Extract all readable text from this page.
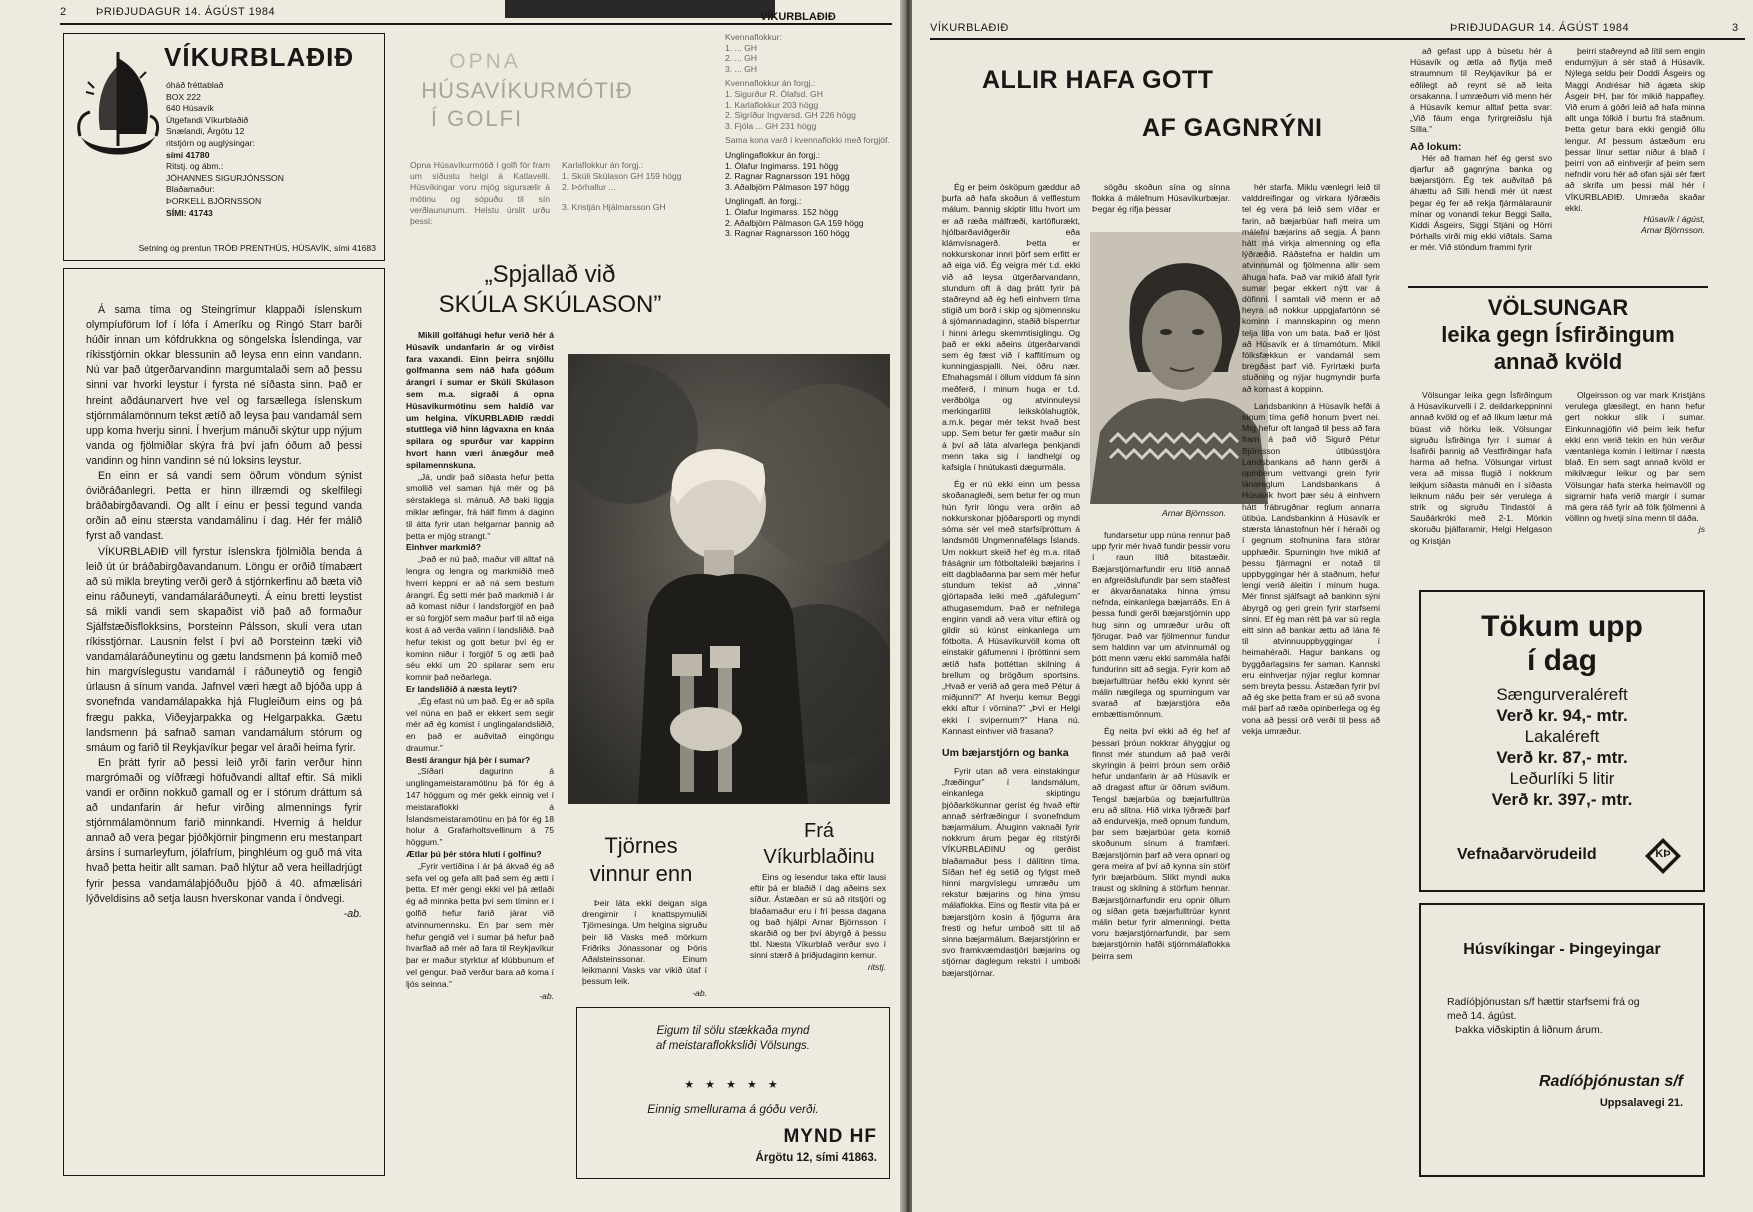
2	ÞRIÐJUDAGUR 14. ÁGÚST 1984	VÍKURBLAÐIÐ
VÍKURBLAÐIÐ
óháð fréttablað
BOX 222
640 Húsavík
Útgefandi Víkurblaðið
Snælandi, Árgötu 12
ritstjórn og auglýsingar:
sími 41780
Ritstj. og ábm.:
JÓHANNES SIGURJÓNSSON
Blaðamaður:
ÞORKELL BJÖRNSSON
SÍMI: 41743
Setning og prentun TRÓÐ PRENTHÚS, HÚSAVÍK, sími 41683

Á sama tíma og Steingrímur klappaði íslenskum olympíuförum lof í lófa í Ameríku og Ringó Starr barði húðir innan um kófdrukkna og söngelska Íslendinga, var ríkisstjórnin okkar blessunin að leysa enn einn vandann. Nú var það útgerðarvandinn margumtalaði sem að þessu sinni var hvorki leystur í fyrsta né síðasta sinn. Það er hreint aðdáunarvert hve vel og farsællega íslenskum stjórnmálamönnum tekst ætíð að leysa þau vandamál sem upp koma hverju sinni. Í hverjum mánuði skýtur upp nýjum vanda og fjölmiðlar skýra frá því jafn óðum að þessi vandinn og hinn vandinn sé nú loksins leystur.

En einn er sá vandi sem öðrum vöndum sýnist óviðráðanlegri. Þetta er hinn illræmdi og skelfilegi bráðabirgðavandi. Og allt í einu er þessi tegund vanda orðin að einu stærsta vandamálinu í dag. Hér fer málið fyrst að vandast.

VÍKURBLAÐIÐ vill fyrstur íslenskra fjölmiðla benda á leið út úr bráðabirgðavandanum. Löngu er orðið tímabært að sú mikla breyting verði gerð á stjórnkerfinu að bæta við einu ráðuneyti, vandamálaráðuneyti. Á einu bretti leystist sá mikli vandi sem skapaðist við það að formaður Sjálfstæðisflokksins, Þorsteinn Pálsson, skuli vera utan ríkisstjórnar. Lausnin felst í því að Þorsteinn tæki við vandamálaráðuneytinu og gætu landsmenn þá komið með hin margvíslegustu vandamál í ráðuneytið og fengið úrlausn á sínum vanda. Jafnvel væri hægt að bjóða upp á svonefnda vandamálapakka hjá Flugleiðum eins og þá frægu pakka, Viðeyjarpakka og Helgarpakka. Gætu landsmenn þá safnað saman vandamálum stórum og smáum og farið til Reykjavíkur þegar vel áraði heima fyrir.

En þrátt fyrir að þessi leið yrði farin verður hinn margrómaði og víðfrægi höfuðvandi alltaf eftir. Sá mikli vandi er orðinn nokkuð gamall og er í stórum dráttum sá að undanfarin ár hefur virðing almennings fyrir stjórnmálamönnum farið minnkandi. Hvernig á heldur annað að vera þegar þjóðkjörnir þingmenn eru mestanpart ársins í sumarleyfum, jólafríum, þinghléum og guð má vita hvað þetta heitir allt saman. Það hlýtur að vera heilladrjúgt fyrir þessa vandamálaþjóðuðu þjóð á 40. afmælisári lýðveldisins að setja lausn hverskonar vanda í öndvegi.

-ab.
OPNA
HÚSAVÍKURMÓTIÐ
Í GOLFI
Opna Húsavíkurmótið í golfi fór fram um síðustu helgi á Katlavelli. Húsvíkingar voru mjög sigursælir á mótinu og sópuðu til sín verðlaununum. Helstu úrslit urðu þessi:
Karlaflokkur án forgj.:
1. Skúli Skúlason GH 159 högg
2. Þórhallur ...
3. Kristján Hjálmarsson GH
Kvennaflokkur:
1. ... GH
2. ... GH
3. ... GH
Kvennaflokkur án forgj.:
1. Sigurður R. Ólafsd. GH
1. Karlaflokkur 203 högg
2. Sigríður Ingvarsd. GH 226 högg
3. Fjóla ... GH 231 högg
Sama kona varð í kvennaflokki með forgjöf.
Unglingaflokkur án forgj.:
1. Ólafur Ingimarss. 191 högg
2. Ragnar Ragnarsson 191 högg
3. Aðalbjörn Pálmason 197 högg
Unglingafl. án forgj.:
1. Ólafur Ingimarss. 152 högg
2. Aðalbjörn Pálmason GA 159 högg
3. Ragnar Ragnarsson 160 högg
„Spjallað við
SKÚLA SKÚLASON”

Mikill golfáhugi hefur verið hér á Húsavík undanfarin ár og virðist fara vaxandi. Einn þeirra snjöllu golfmanna sem náð hafa góðum árangri í sumar er Skúli Skúlason sem m.a. sigraði á opna Húsavíkurmótinu sem haldið var um helgina. VÍKURBLAÐIÐ ræddi stuttlega við hinn lágvaxna en knáa spilara og spurður var kappinn hvort hann væri ánægður með spilamennskuna.

„Já, undir það síðasta hefur þetta smollið vel saman hjá mér og þá sérstaklega sl. mánuð. Að baki liggja miklar æfingar, frá hálf fimm á daginn til átta fyrir utan helgarnar þannig að þetta er mjög strangt.”

Einhver markmið?

„Það er nú það, maður vill alltaf ná lengra og lengra og markmiðið með hverri keppni er að ná sem bestum árangri. Ég setti mér það markmið í ár að komast niður í landsforgjöf en það er sú forgjöf sem maður þarf til að eiga kost á að verða valinn í landsliðið. Það hefur tekist og gott betur því ég er kominn niður í forgjöf 5 og ætli það séu ekki um 20 spilarar sem eru komnir það neðarlega.

Er landsliðið á næsta leyti?

„Ég efast nú um það. Ég er að spila vel núna en það er ekkert sem segir mér að ég komist í unglingalandsliðið, en það er auðvitað eingöngu draumur.”

Besti árangur hjá þér í sumar?

„Síðari dagurinn á unglingameistaramótinu þá fór ég á 147 höggum og mér gekk einnig vel í meistaraflokki á Íslandsmeistaramótinu en þá fór ég 18 holur á Grafarholtsvellinum á 75 höggum.”

Ætlar þú þér stóra hluti í golfinu?

„Fyrir vertíðina í ár þá ákvað ég að sefa vel og gefa allt það sem ég ætti í þetta. Ef mér gengi ekki vel þá ætlaði ég að minnka þetta því sem tíminn er í golfið hefur farið járar við atvinnumennsku. En þar sem mér hefur gengið vel í sumar þá hefur það hvarflað að mér að fara til Reykjavíkur þar er maður styrktur af klúbbunum ef vel gengur. Það verður bara að koma í ljós seinna.”

-ab.
Tjörnes
vinnur enn

Þeir láta ekki deigan síga drengirnir í knattspyrnuliði Tjörnesinga. Um helgina sigruðu þeir lið Vasks með mörkum Friðriks Jónassonar og Þóris Aðalsteinssonar. Einum leikmanni Vasks var vikið útaf í þessum leik.

-ab.
Frá
Víkurblaðinu

Eins og lesendur taka eftir lausi eftir þá er blaðið í dag aðeins sex síður. Ástæðan er sú að ritstjóri og blaðamaður eru í frí þessa dagana og bað hjálpi Arnar Björnsson í skarðið og ber því ábyrgð á þessu tbl. Næsta Víkurblað verður svo í sinni stærð á þriðjudaginn kemur.

ritstj.
Eigum til sölu stækkaða mynd
af meistaraflokksliði Völsungs.
★ ★ ★ ★ ★
Einnig smellurama á góðu verði.
MYND HF
Árgötu 12, sími 41863.
VÍKURBLAÐIÐ	ÞRIÐJUDAGUR 14. ÁGÚST 1984	3
ALLIR HAFA GOTT
AF GAGNRÝNI
Arnar Björnsson.

Ég er þeim ósköpum gæddur að þurfa að hafa skoðun á velflestum málum. Þannig skiptir litlu hvort um er að ræða málfræði, kartöflurækt, hjólbarðaviðgerðir eða klámvísnagerð. Þetta er nokkurskonar innri þörf sem erfitt er að eiga við. Ég veigra mér t.d. ekki við að leysa útgerðarvandann, stundum oft á dag þrátt fyrir þá staðreynd að ég hefi einhvern tíma stigið um borð í skip og sjómennsku á sjómannadaginn, staðið bísperrtur í hinni árlegu skemmtisiglingu. Og það er ekki aðeins útgerðarvandi sem ég fæst við í kaffitímum og kunningjaspjalli. Nei, öðru nær. Efnahagsmál í öllum víddum fá sinn meðferð, í minum huga er t.d. verðbólga og atvinnuleysi merkingarlítil leikskólahugtök, a.m.k. þegar mér tekst hvað best upp. Sem betur fer gætir maður sín á því að láta alvarlega þenkjandi menn taka sig í landhelgi og kafsigla í hnútukasti dægurmála.

Ég er nú ekki einn um þessa skoðanagleði, sem betur fer og mun hún fyrir löngu vera orðin að nokkurskonar þjóðarsporti og myndi sóma sér vel með starfsíþróttum á landsmóti Ungmennafélags Íslands. Um nokkurt skeið hef ég m.a. ritað fráságnir um fótboltaleiki bæjarins í eitt dagblaðanna þar sem mér hefur stundum tekist að „vinna” gjörtapaða leiki með „gáfulegum” athugasemdum. Það er nefnilega enginn vandi að vera vitur eftirá og gildir sú kúnst einkanlega um fótbolta. Á Húsavíkurvöll koma oft einstakir gáfumenni í íþróttinni sem ætíð hafa þottéttan skilning á brellum og brögðum sportsins. „Hvað er verið að gera með Pétur á miðjunni?” Af hverju kemur Beggi ekki aftur í vörnina?” „Því er Helgi ekki í svipernum?” Hana nú. Kannast einhver við frasana?

Um bæjarstjórn og banka

Fyrir utan að vera einstakingur „fræðingur” í landsmálum, einkanlega skiptingu þjóðarkökunnar gerist ég hvað eftir annað sérfræðingur í svonefndum bæjarmálum. Áhuginn vaknaði fyrir nokkrum árum þegar ég ritstýrði VÍKURBLAÐINU og gerðist blaðamaður þess í dálítinn tíma. Síðan hef ég setið og fylgst með hinni margvíslegu umræðu um rekstur bæjarins og hina ýmsu málaflokka. Eins og flestir vita þá er bæjarstjórn kosin á fjögurra ára fresti og hefur umboð sitt til að sinna bæjarmálum. Bæjarstjórinn er svo framkvæmdastjóri bæjarins og stjórnar daglegum rekstri í umboði bæjarstjórnar.

sögðu skoðun sína og sínna flokka á málefnum Húsavíkurbæjar. Þegar ég rifja þessar

fundarsetur upp núna rennur það upp fyrir mér hvað fundir þessir voru í raun lítið bitastæðir. Bæjarstjórnarfundir eru lítið annað en afgreiðslufundir þar sem staðfest er ákvarðanataka hinna ýmsu nefnda, einkanlega bæjarráðs. En á þessa fundi gerði bæjarstjórnin upp hug sinn og umræður urðu oft fjörugar. Það var fjölmennur fundur sem haldinn var um atvinnumál og þótt menn væru ekki sammála hafði fundurinn sitt að segja. Fyrir kom að bæjarfulltrúar hefðu ekki kynnt sér málin nægilega og spurningum var svarað af bæjarstjóra eða embættismönnum.

Ég neita því ekki að ég hef af þessari þróun nokkrar áhyggjur og finnst mér stundum að það verði skyringin á þeirri þróun sem orðið hefur undanfarin ár að Húsavík er að dragast aftur úr öðrum sviðum. Tengsl bæjarbúa og bæjarfulltrúa eru að slitna. Hið virka lýðræði þarf að endurvekja, með opnum fundum, þar sem bæjarbúar geta komið skoðunum sínum á framfæri. Bæjarstjórnin þarf að vera opnari og gera meira af því að kynna sín störf fyrir bæjarbúum. Slíkt myndi auka traust og skilning á störfum hennar. Bæjarstjórnarfundir eru opnir öllum og síðan geta bæjarfulltrúar kynnt málin betur fyrir almenningi. Þetta voru bæjarstjórnarfundir, þar sem bæjarstjórnin hafði stjórnmálaflokka þeirra sem

hér starfa. Miklu vænlegri leið til valddreifingar og virkara lýðræðis tel ég vera þá leið sem víðar er farin, að bæjarbúar hafi meira um málefni bæjarins að segja. Á þann hátt má virkja almenning og efla lýðræðið. Ráðstefna er haldin um atvinnumál og fjölmenna allir sem áhuga hafa. Það var mikið áfall fyrir sumar þegar ekkert nýtt var á döfinni. Í samtali við menn er að heyra að nokkur uppgjafartónn sé kominn í mannskapinn og menn telja litla von um bata. Það er ljóst að Húsavík er á tímamótum. Mikil fólksfækkun er vandamál sem bregðast þarf við. Fyrirtæki þurfa stuðning og nýjar hugmyndir þurfa að komast á koppinn.

Landsbankinn á Húsavík hefði á sínum tíma gefið honum þvert nei. Mig hefur oft langað til þess að fara fram á það við Sigurð Pétur Björnsson útibússtjóra Landsbankans að hann gerði á opinberum vettvangi grein fyrir lánareglum Landsbankans á Húsavík hvort þær séu á einhvern hátt frábrugðnar reglum annarra útibúa. Landsbankinn á Húsavík er stærsta lánastofnun hér í héraði og í gegnum stofnunina fara stórar upphæðir. Spurningin hve mikið af þessu fjármagni er notað til uppbyggingar hér á staðnum, hefur lengi verið áleitin í mínum huga. Mér finnst sjálfsagt að bankinn sýni ábyrgð og geri grein fyrir starfsemi sinni. Ef ég man rétt þá var sú regla eitt sinn að bankar ættu að lána fé til atvinnuuppbyggingar í heimahéraði. Hagur bankans og byggðarlagsins fer saman. Kannski eru einhverjar nýjar reglur komnar sem breyta þessu. Ástæðan fyrir því að ég ske þetta fram er sú að svona mál þarf að ræða opinberlega og ég vona að þessi orð verði til þess að vekja umræður.

að gefast upp á búsetu hér á Húsavík og ætla að flytja með straumnum til Reykjavíkur þá er eðlilegt að reynt sé að leita orsakanna. Í umræðum við menn hér á Húsavík kemur alltaf þetta svar: „Við fáum enga fyrirgreiðslu hjá Sílla.”

Að lokum:

Hér að framan hef ég gerst svo djarfur að gagnrýna banka og bæjarstjórn. Ég tek auðvitað þá áhættu að Silli hendi mér út næst þegar ég fer að rekja fjármálaraunir mínar og vonandi tekur Beggi Salla, Kiddi Ásgeirs, Siggi Stjáni og Hörri Þórhalls virði mig ekki viðtals. Sama er mér. Við stöndum frammi fyrir

þeirri staðreynd að lítil sem engin endurnýjun á sér stað á Húsavík. Nýlega seldu þeir Doddi Ásgeirs og Maggi Andrésar hið ágæta skip Ásgeir ÞH, þar fór mikið happafley. Við erum á góðri leið að hafa minna allt unga fólkið í burtu frá staðnum. Þetta getur bara ekki gengið öllu lengur. Af þessum ástæðum eru þessar línur settar niður á blað í þeirri von að einhverjir af þeim sem nefndir voru hér að ofan sjái sér fært að skrifa um þessi mál hér í VÍKURBLAÐIÐ. Umræða skaðar ekki.

Húsavík í ágúst,
Arnar Björnsson.
VÖLSUNGAR
leika gegn Ísfirðingum
annað kvöld

Völsungar leika gegn Ísfirðingum á Húsavíkurvelli í 2. deildarkeppninni annað kvöld og ef að líkum lætur má búast við hörku leik. Völsungar sigruðu Ísfirðinga fyrr í sumar á Ísafirði þannig að Vestfirðingar hafa harma að hefna. Völsungar virtust vera að missa flugið í nokkrum leikjum síðasta mánuði en í síðasta leiknum náðu þeir sér verulega á strik og sigruðu Tindastól á Sauðárkróki með 2-1. Mörkin skoruðu þjálfararnir, Helgi Helgason og Kristján

Olgeirsson og var mark Kristjáns verulega glæsilegt, en hann hefur gert nokkur slík í sumar. Einkunnagjöfin við þeim leik hefur ekki enn verið tekin en hún verður væntanlega komin í leitirnar í næsta blað. En sem sagt annað kvöld er mikilvægur leikur og þar sem Völsungar hafa sterka heimavöll og sigrarnir hafa verið margir í sumar má gera ráð fyrir að fólk fjölmenni á völlinn og hvetji sína menn til dáða.

js
Tökum upp
í dag
Sængurveraléreft
Verð kr. 94,- mtr.
Lakaléreft
Verð kr. 87,- mtr.
Leðurlíki 5 litir
Verð kr. 397,- mtr.
Vefnaðarvörudeild	KÞ
Húsvíkingar - Þingeyingar
Radíóþjónustan s/f hættir starfsemi frá og
með 14. ágúst.
Þakka viðskiptin á liðnum árum.
Radíóþjónustan s/f
Uppsalavegi 21.
